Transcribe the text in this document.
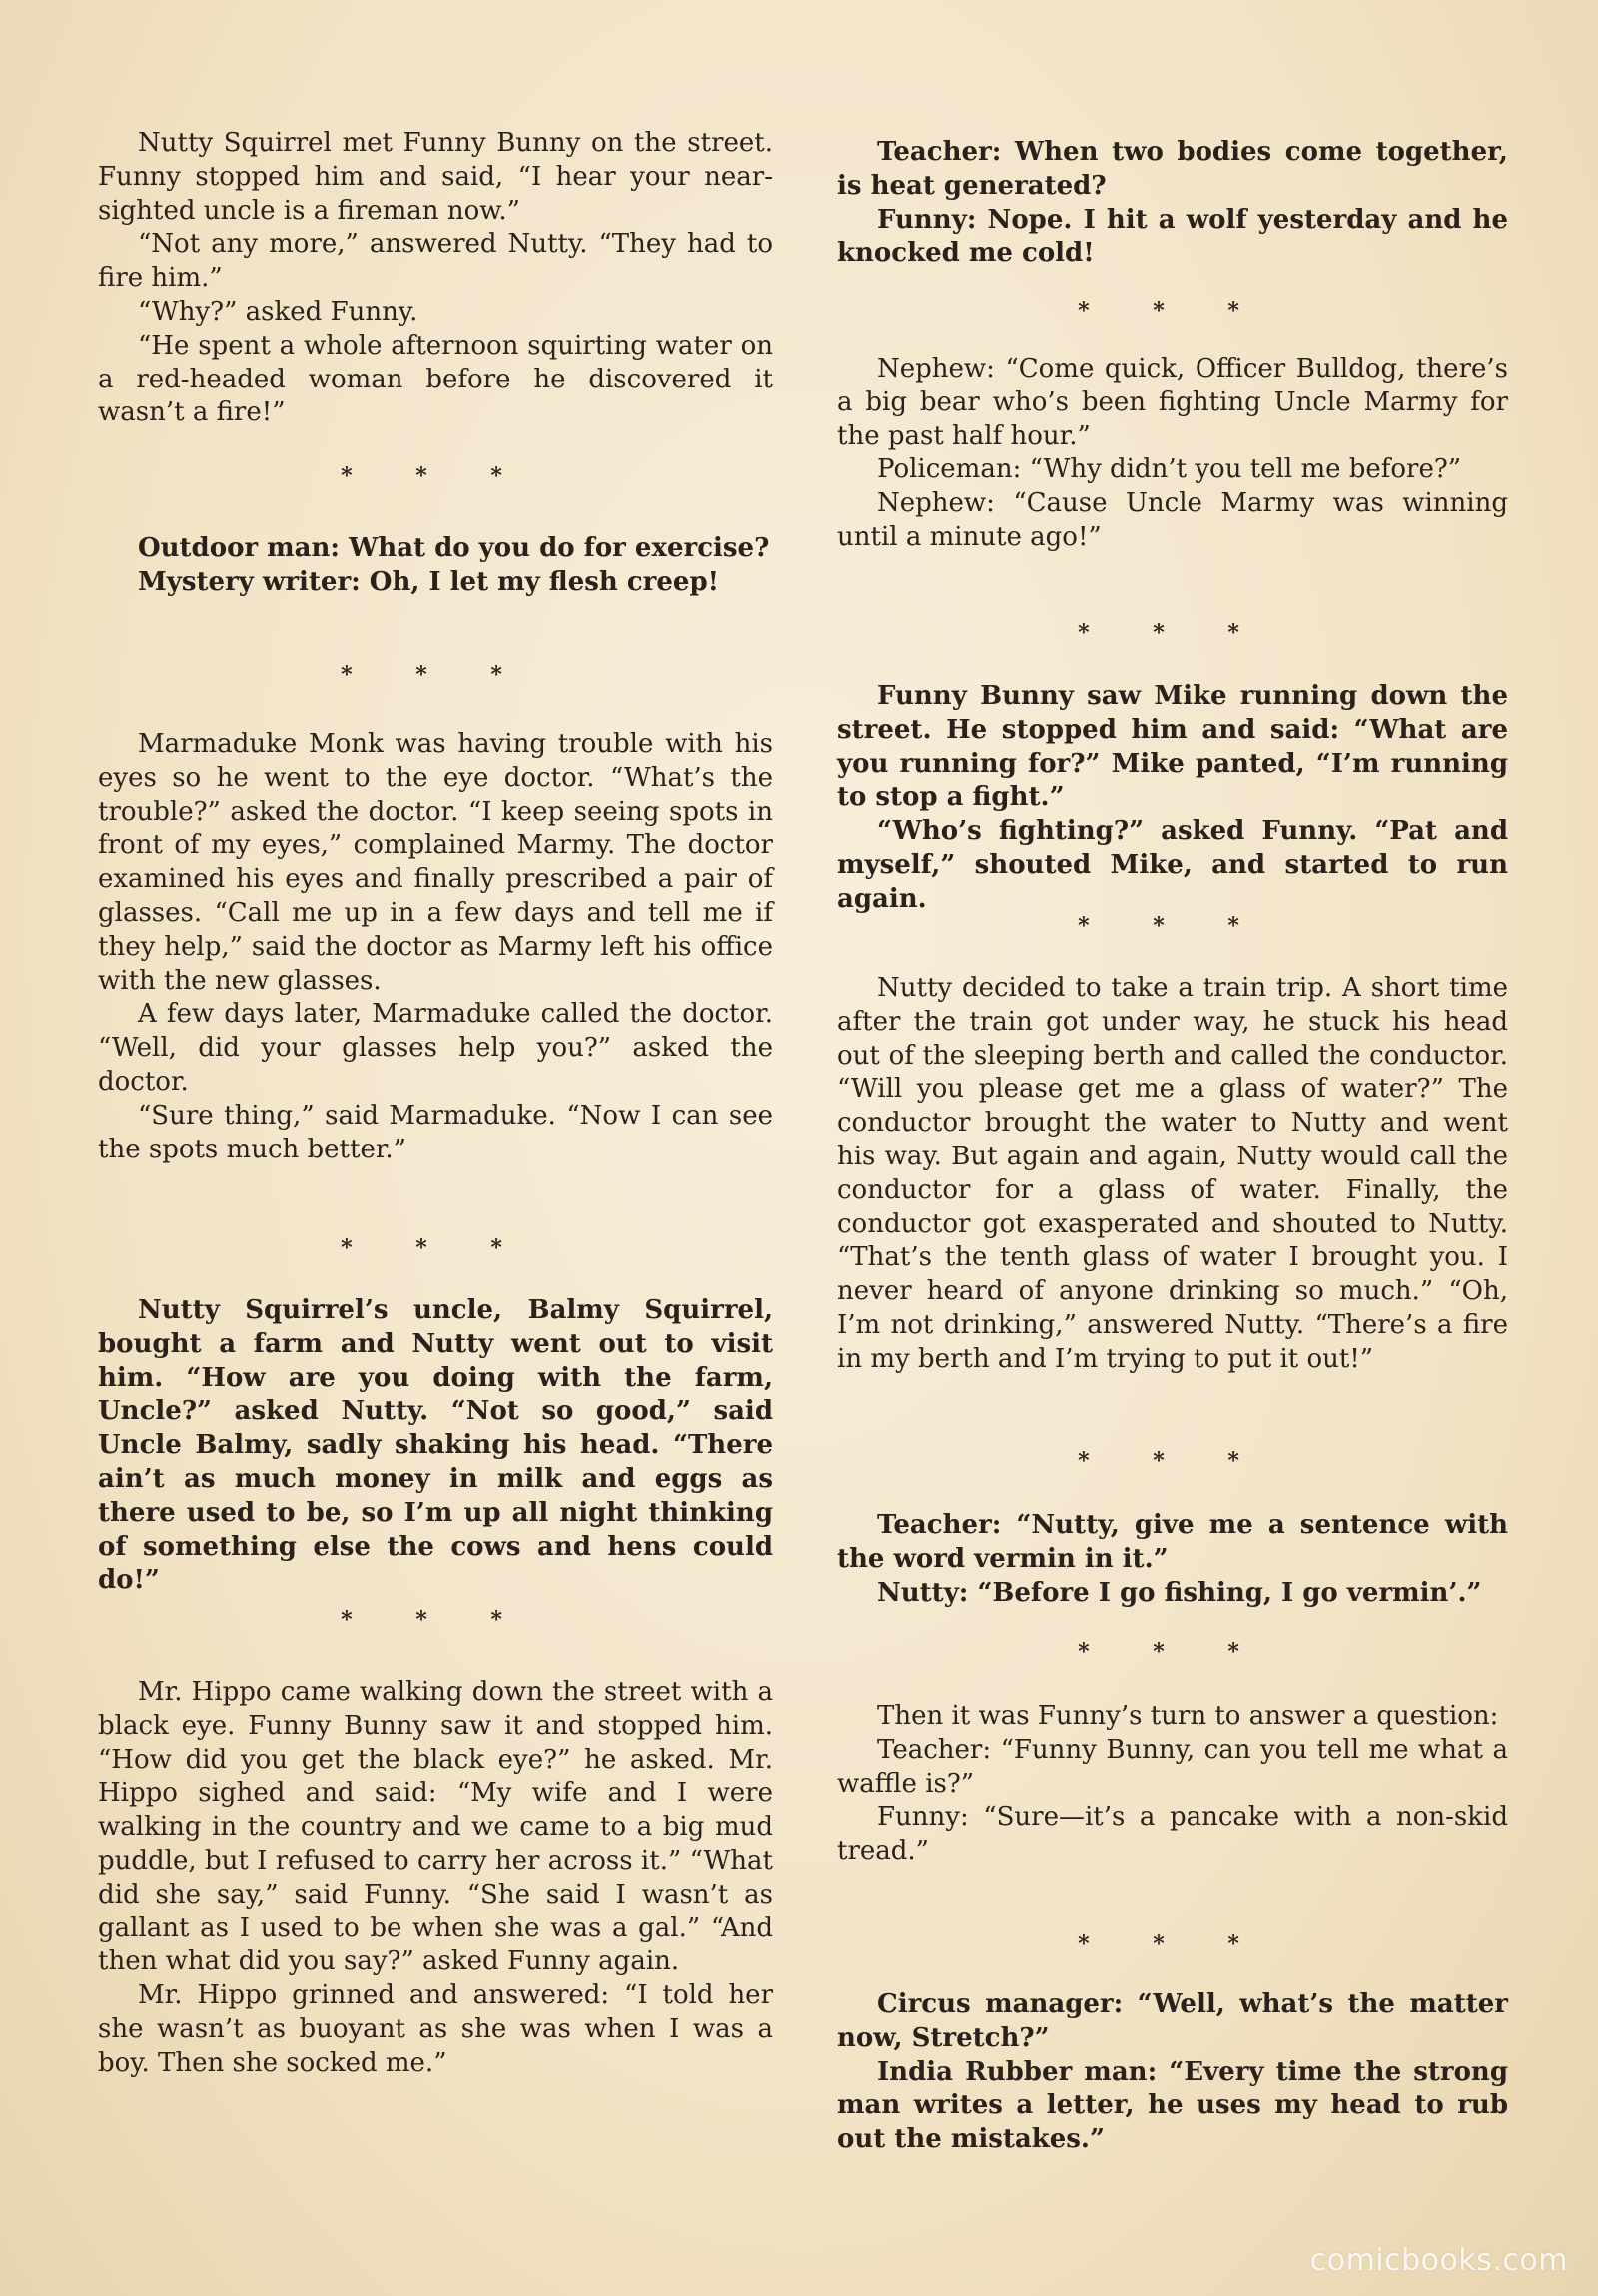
Nutty Squirrel met Funny Bunny on the street. Funny stopped him and said, “I hear your near-sighted uncle is a fireman now.”

“Not any more,” answered Nutty. “They had to fire him.”

“Why?” asked Funny.

“He spent a whole afternoon squirting water on a red-headed woman before he discovered it wasn’t a fire!”

* * *

Outdoor man: What do you do for exercise?

Mystery writer: Oh, I let my flesh creep!

* * *

Marmaduke Monk was having trouble with his eyes so he went to the eye doctor. “What’s the trouble?” asked the doctor. “I keep seeing spots in front of my eyes,” complained Marmy. The doctor examined his eyes and finally prescribed a pair of glasses. “Call me up in a few days and tell me if they help,” said the doctor as Marmy left his office with the new glasses.

A few days later, Marmaduke called the doctor. “Well, did your glasses help you?” asked the doctor.

“Sure thing,” said Marmaduke. “Now I can see the spots much better.”

* * *

Nutty Squirrel’s uncle, Balmy Squirrel, bought a farm and Nutty went out to visit him. “How are you doing with the farm, Uncle?” asked Nutty. “Not so good,” said Uncle Balmy, sadly shaking his head. “There ain’t as much money in milk and eggs as there used to be, so I’m up all night thinking of something else the cows and hens could do!”

* * *

Mr. Hippo came walking down the street with a black eye. Funny Bunny saw it and stopped him. “How did you get the black eye?” he asked. Mr. Hippo sighed and said: “My wife and I were walking in the country and we came to a big mud puddle, but I refused to carry her across it.” “What did she say,” said Funny. “She said I wasn’t as gallant as I used to be when she was a gal.” “And then what did you say?” asked Funny again.

Mr. Hippo grinned and answered: “I told her she wasn’t as buoyant as she was when I was a boy. Then she socked me.”

Teacher: When two bodies come together, is heat generated?

Funny: Nope. I hit a wolf yesterday and he knocked me cold!

* * *

Nephew: “Come quick, Officer Bulldog, there’s a big bear who’s been fighting Uncle Marmy for the past half hour.”

Policeman: “Why didn’t you tell me before?”

Nephew: “Cause Uncle Marmy was winning until a minute ago!”

* * *

Funny Bunny saw Mike running down the street. He stopped him and said: “What are you running for?” Mike panted, “I’m running to stop a fight.”

“Who’s fighting?” asked Funny. “Pat and myself,” shouted Mike, and started to run again.

* * *

Nutty decided to take a train trip. A short time after the train got under way, he stuck his head out of the sleeping berth and called the conductor. “Will you please get me a glass of water?” The conductor brought the water to Nutty and went his way. But again and again, Nutty would call the conductor for a glass of water. Finally, the conductor got exasperated and shouted to Nutty. “That’s the tenth glass of water I brought you. I never heard of anyone drinking so much.” “Oh, I’m not drinking,” answered Nutty. “There’s a fire in my berth and I’m trying to put it out!”

* * *

Teacher: “Nutty, give me a sentence with the word vermin in it.”

Nutty: “Before I go fishing, I go vermin’.”

* * *

Then it was Funny’s turn to answer a question:

Teacher: “Funny Bunny, can you tell me what a waffle is?”

Funny: “Sure—it’s a pancake with a non-skid tread.”

* * *

Circus manager: “Well, what’s the matter now, Stretch?”

India Rubber man: “Every time the strong man writes a letter, he uses my head to rub out the mistakes.”

comicbooks.com
